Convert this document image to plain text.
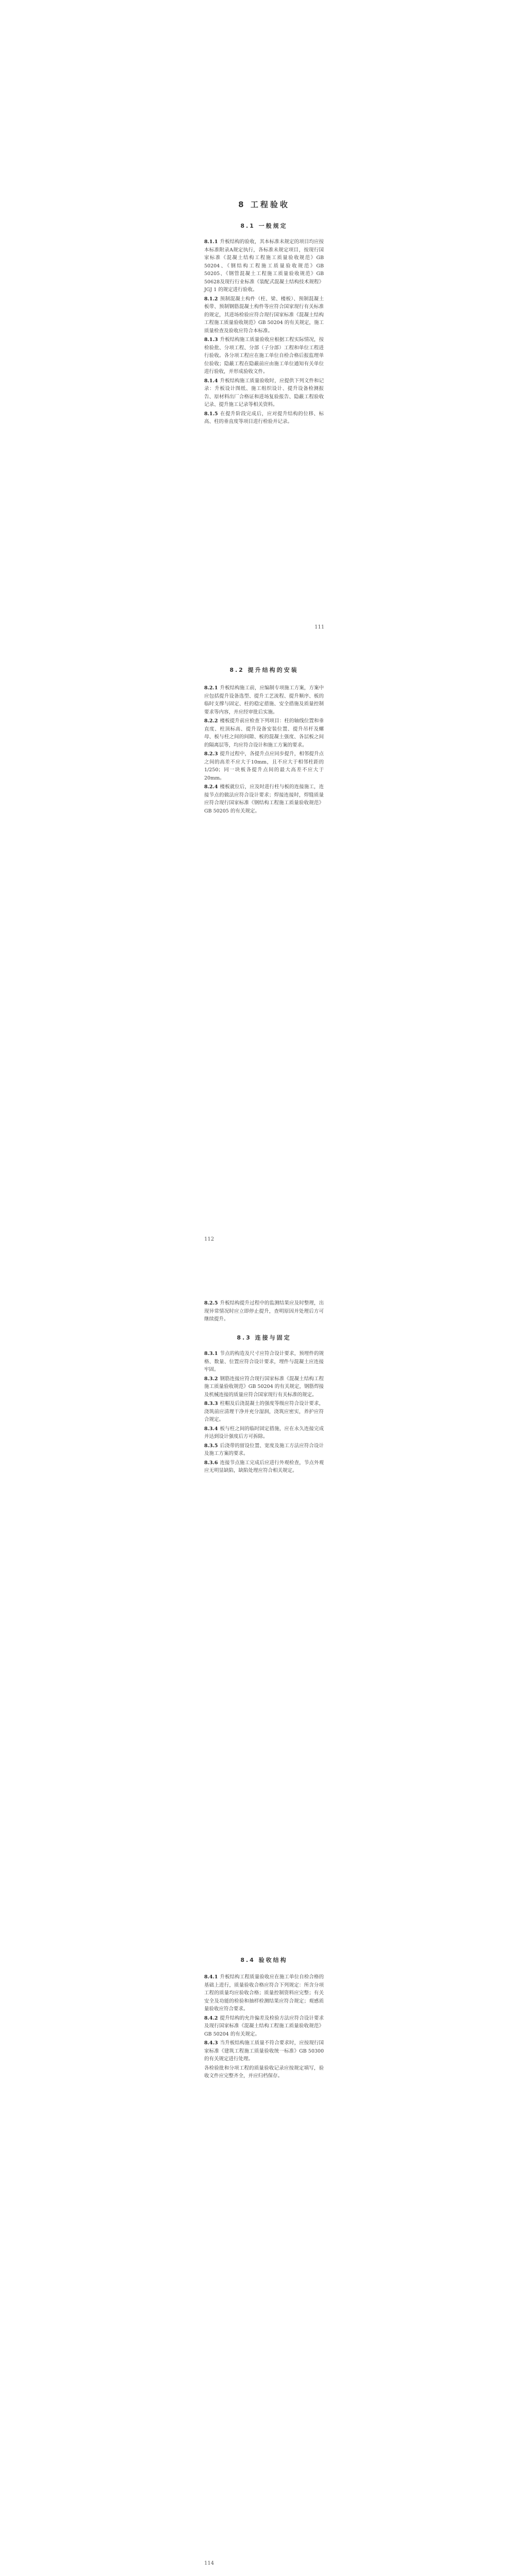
8 工程验收
8.1 一般规定

8.1.1 升板结构的验收，其本标准未规定的项目均应按本标准附录A规定执行，各标准未规定项目，按现行国家标准《混凝土结构工程施工质量验收规范》GB 50204、《钢结构工程施工质量验收规范》GB 50205、《钢管混凝土工程施工质量验收规范》GB 50628及现行行业标准《装配式混凝土结构技术规程》JGJ 1 的规定进行验收。

8.1.2 预制混凝土构件（柱、梁、楼板）、预制混凝土板带、预制钢筋混凝土构件等应符合国家现行有关标准的规定，其进场检验应符合现行国家标准《混凝土结构工程施工质量验收规范》GB 50204 的有关规定，施工质量检查及验收应符合本标准。

8.1.3 升板结构施工质量验收应根据工程实际情况，按检验批、分项工程、分部（子分部）工程和单位工程进行验收。各分项工程应在施工单位自检合格后报监理单位验收；隐蔽工程在隐蔽前应由施工单位通知有关单位进行验收，并形成验收文件。

8.1.4 升板结构施工质量验收时，应提供下列文件和记录：升板设计图纸、施工组织设计、提升设备检测报告、原材料出厂合格证和进场复验报告、隐蔽工程验收记录、提升施工记录等相关资料。

8.1.5 在提升阶段完成后，应对提升结构的位移、标高、柱的垂直度等项目进行检验并记录。

111
8.2 提升结构的安装

8.2.1 升板结构施工前，应编制专项施工方案，方案中应包括提升设备选型、提升工艺流程、提升顺序、板的临时支撑与固定、柱的稳定措施、安全措施及质量控制要求等内容，并应经审批后实施。

8.2.2 楼板提升前应检查下列项目：柱的轴线位置和垂直度、柱顶标高、提升设备安装位置、提升吊杆及螺母、板与柱之间的间隙、板的混凝土强度、各层板之间的隔离层等，均应符合设计和施工方案的要求。

8.2.3 提升过程中，各提升点应同步提升，相邻提升点之间的高差不应大于10mm，且不应大于相邻柱距的1/250；同一块板各提升点间的最大高差不应大于20mm。

8.2.4 楼板就位后，应及时进行柱与板的连接施工，连接节点的做法应符合设计要求；焊接连接时，焊缝质量应符合现行国家标准《钢结构工程施工质量验收规范》GB 50205 的有关规定。

112

8.2.5 升板结构提升过程中的监测结果应及时整理，出现异常情况时应立即停止提升，查明原因并处理后方可继续提升。

8.3 连接与固定

8.3.1 节点的构造及尺寸应符合设计要求，预埋件的规格、数量、位置应符合设计要求，埋件与混凝土应连接牢固。

8.3.2 钢筋连接应符合现行国家标准《混凝土结构工程施工质量验收规范》GB 50204 的有关规定，钢筋焊接及机械连接的质量应符合国家现行有关标准的规定。

8.3.3 柱帽及后浇混凝土的强度等级应符合设计要求，浇筑前应清理干净并充分湿润，浇筑应密实，养护应符合规定。

8.3.4 板与柱之间的临时固定措施，应在永久连接完成并达到设计强度后方可拆除。

8.3.5 后浇带的留设位置、宽度及施工方法应符合设计及施工方案的要求。

8.3.6 连接节点施工完成后应进行外观检查，节点外观应无明显缺陷，缺陷处理应符合相关规定。

8.4 验收结构

8.4.1 升板结构工程质量验收应在施工单位自检合格的基础上进行，质量验收合格应符合下列规定：所含分项工程的质量均应验收合格；质量控制资料应完整；有关安全及功能的检验和抽样检测结果应符合规定；观感质量验收应符合要求。

8.4.2 提升结构的允许偏差及检验方法应符合设计要求及现行国家标准《混凝土结构工程施工质量验收规范》GB 50204 的有关规定。

8.4.3 当升板结构施工质量不符合要求时，应按现行国家标准《建筑工程施工质量验收统一标准》GB 50300 的有关规定进行处理。

各检验批和分项工程的质量验收记录应按规定填写，验收文件应完整齐全，并应归档保存。

114
